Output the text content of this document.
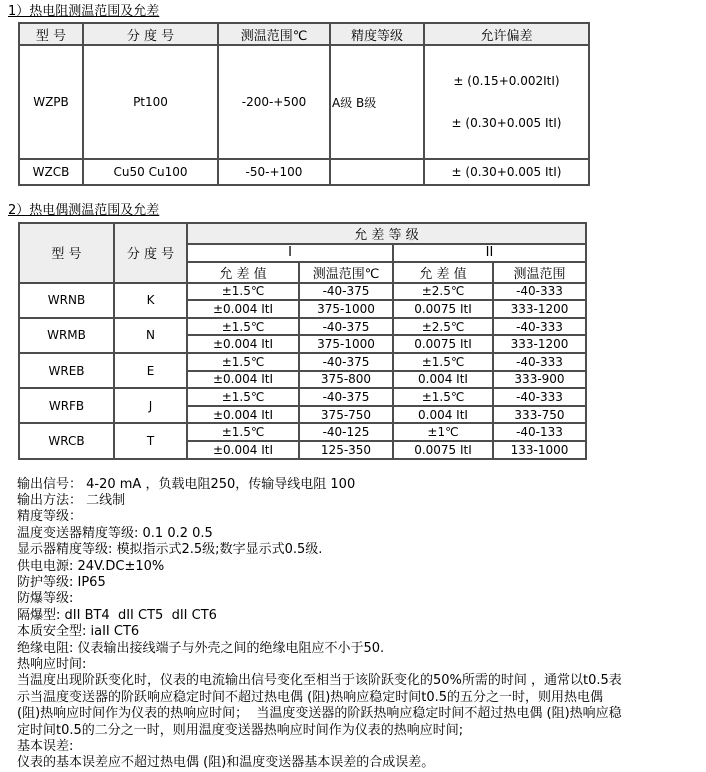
1）热电阻测温范围及允差
型 号	分 度 号	测温范围℃	精度等级	允许偏差
WZPB	Pt100	-200-+500	A级 B级	± (0.15+0.002ItI)

± (0.30+0.005 ItI)

WZCB	Cu50 Cu100	-50-+100		± (0.30+0.005 ItI)
2）热电偶测温范围及允差
型 号	分 度 号	允 差 等 级			
		I		II	
		允 差 值	测温范围℃	允 差 值	测温范围
WRNB	K	±1.5℃	-40-375	±2.5℃	-40-333
		±0.004 ItI	375-1000	0.0075 ItI	333-1200
WRMB	N	±1.5℃	-40-375	±2.5℃	-40-333
		±0.004 ItI	375-1000	0.0075 ItI	333-1200
WREB	E	±1.5℃	-40-375	±1.5℃	-40-333
		±0.004 ItI	375-800	0.004 ItI	333-900
WRFB	J	±1.5℃	-40-375	±1.5℃	-40-333
		±0.004 ItI	375-750	0.004 ItI	333-750
WRCB	T	±1.5℃	-40-125	±1℃	-40-133
		±0.004 ItI	125-350	0.0075 ItI	133-1000
输出信号： 4-20 mA ，负载电阻250，传输导线电阻 100
输出方法： 二线制
精度等级：
温度变送器精度等级: 0.1 0.2 0.5
显示器精度等级: 模拟指示式2.5级;数字显示式0.5级.
供电电源: 24V.DC±10%
防护等级: IP65
防爆等级:
隔爆型: dII BT4  dII CT5  dII CT6
本质安全型: iaII CT6
绝缘电阻: 仪表输出接线端子与外壳之间的绝缘电阻应不小于50.
热响应时间:
当温度出现阶跃变化时，仪表的电流输出信号变化至相当于该阶跃变化的50%所需的时间 ，通常以t0.5表
示当温度变送器的阶跃响应稳定时间不超过热电偶 (阻)热响应稳定时间t0.5的五分之一时，则用热电偶
(阻)热响应时间作为仪表的热响应时间；  当温度变送器的阶跃热响应稳定时间不超过热电偶 (阻)热响应稳
定时间t0.5的二分之一时，则用温度变送器热响应时间作为仪表的热响应时间;
基本误差:
仪表的基本误差应不超过热电偶 (阻)和温度变送器基本误差的合成误差。
